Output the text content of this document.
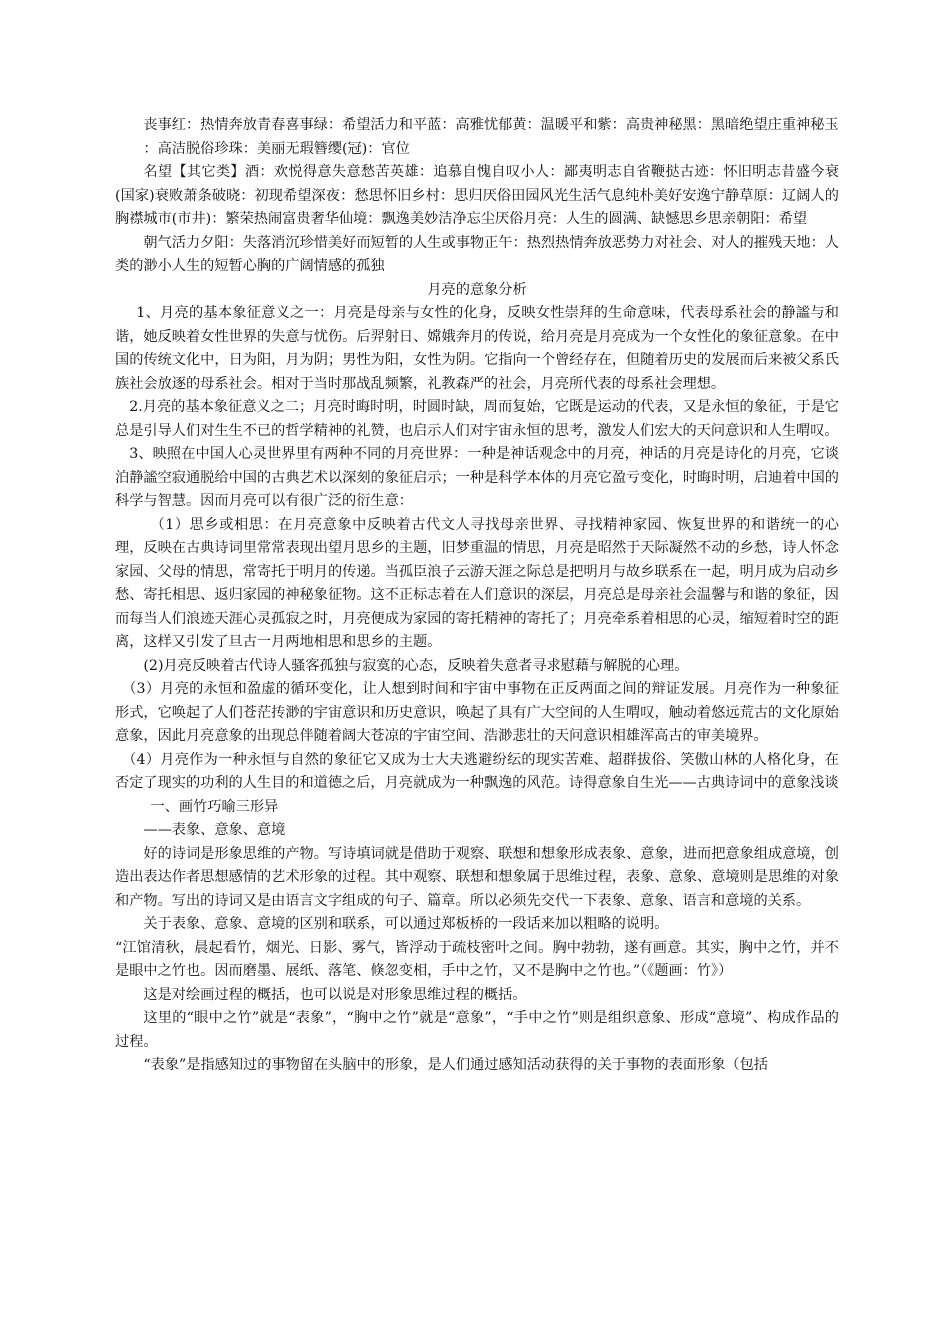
丧事红：热情奔放青春喜事绿：希望活力和平蓝：高雅忧郁黄：温暖平和紫：高贵神秘黑：黑暗绝望庄重神秘玉

：高洁脱俗珍珠：美丽无瑕簪缨(冠)：官位

名望【其它类】酒：欢悦得意失意愁苦英雄：追慕自愧自叹小人：鄙夷明志自省鞭挞古迹：怀旧明志昔盛今衰(国家)衰败萧条破晓：初现希望深夜：愁思怀旧乡村：思归厌俗田园风光生活气息纯朴美好安逸宁静草原：辽阔人的胸襟城市(市井)：繁荣热闹富贵奢华仙境：飘逸美妙洁净忘尘厌俗月亮：人生的圆满、缺憾思乡思亲朝阳：希望

朝气活力夕阳：失落消沉珍惜美好而短暂的人生或事物正午：热烈热情奔放恶势力对社会、对人的摧残天地：人类的渺小人生的短暂心胸的广阔情感的孤独

月亮的意象分析

1、月亮的基本象征意义之一：月亮是母亲与女性的化身，反映女性崇拜的生命意味，代表母系社会的静謐与和谐，她反映着女性世界的失意与忧伤。后羿射日、嫦娥奔月的传说，给月亮是月亮成为一个女性化的象征意象。在中国的传统文化中，日为阳，月为阴；男性为阳，女性为阴。它指向一个曾经存在，但随着历史的发展而后来被父系氏族社会放逐的母系社会。相对于当时那战乱频繁，礼教森严的社会，月亮所代表的母系社会理想。

2.月亮的基本象征意义之二；月亮时晦时明，时圆时缺，周而复始，它既是运动的代表，又是永恒的象征，于是它总是引导人们对生生不已的哲学精神的礼赞，也启示人们对宇宙永恒的思考，激发人们宏大的天问意识和人生喟叹。

3、映照在中国人心灵世界里有两种不同的月亮世界：一种是神话观念中的月亮，神话的月亮是诗化的月亮，它谈泊静謐空寂通脱给中国的古典艺术以深刻的象征启示；一种是科学本体的月亮它盈亏变化，时晦时明，启迪着中国的科学与智慧。因而月亮可以有很广泛的衍生意：

（1）思乡或相思：在月亮意象中反映着古代文人寻找母亲世界、寻找精神家园、恢复世界的和谐统一的心理，反映在古典诗词里常常表现出望月思乡的主题，旧梦重温的情思，月亮是昭然于天际凝然不动的乡愁，诗人怀念家园、父母的情思，常寄托于明月的传递。当孤臣浪子云游天涯之际总是把明月与故乡联系在一起，明月成为启动乡愁、寄托相思、返归家园的神秘象征物。这不正标志着在人们意识的深层，月亮总是母亲社会温馨与和谐的象征，因而每当人们浪迹天涯心灵孤寂之时，月亮便成为家园的寄托精神的寄托了；月亮牵系着相思的心灵，缩短着时空的距离，这样又引发了旦古一月两地相思和思乡的主题。

(2)月亮反映着古代诗人骚客孤独与寂寞的心态，反映着失意者寻求慰藉与解脱的心理。

（3）月亮的永恒和盈虚的循环变化，让人想到时间和宇宙中事物在正反两面之间的辩证发展。月亮作为一种象征形式，它唤起了人们苍茫抟渺的宇宙意识和历史意识，唤起了具有广大空间的人生喟叹，触动着悠远荒古的文化原始意象，因此月亮意象的出现总伴随着阔大苍凉的宇宙空间、浩渺悲壮的天问意识相雄浑高古的审美境界。

（4）月亮作为一种永恒与自然的象征它又成为士大夫逃避纷纭的现实苦难、超群拔俗、笑傲山林的人格化身，在否定了现实的功利的人生目的和道德之后，月亮就成为一种飘逸的风范。诗得意象自生光——古典诗词中的意象浅谈

一、画竹巧喻三形异

——表象、意象、意境

好的诗词是形象思维的产物。写诗填词就是借助于观察、联想和想象形成表象、意象，进而把意象组成意境，创造出表达作者思想感情的艺术形象的过程。其中观察、联想和想象属于思维过程，表象、意象、意境则是思维的对象和产物。写出的诗词又是由语言文字组成的句子、篇章。所以必须先交代一下表象、意象、语言和意境的关系。

关于表象、意象、意境的区别和联系，可以通过郑板桥的一段话来加以粗略的说明。

“江馆清秋，晨起看竹，烟光、日影、雾气，皆浮动于疏枝密叶之间。胸中勃勃，遂有画意。其实，胸中之竹，并不是眼中之竹也。因而磨墨、展纸、落笔、倏忽变相，手中之竹，又不是胸中之竹也。”（《题画：竹》）

这是对绘画过程的概括，也可以说是对形象思维过程的概括。

这里的“眼中之竹”就是“表象”，“胸中之竹”就是“意象”，“手中之竹”则是组织意象、形成“意境”、构成作品的过程。

“表象”是指感知过的事物留在头脑中的形象，是人们通过感知活动获得的关于事物的表面形象（包括
